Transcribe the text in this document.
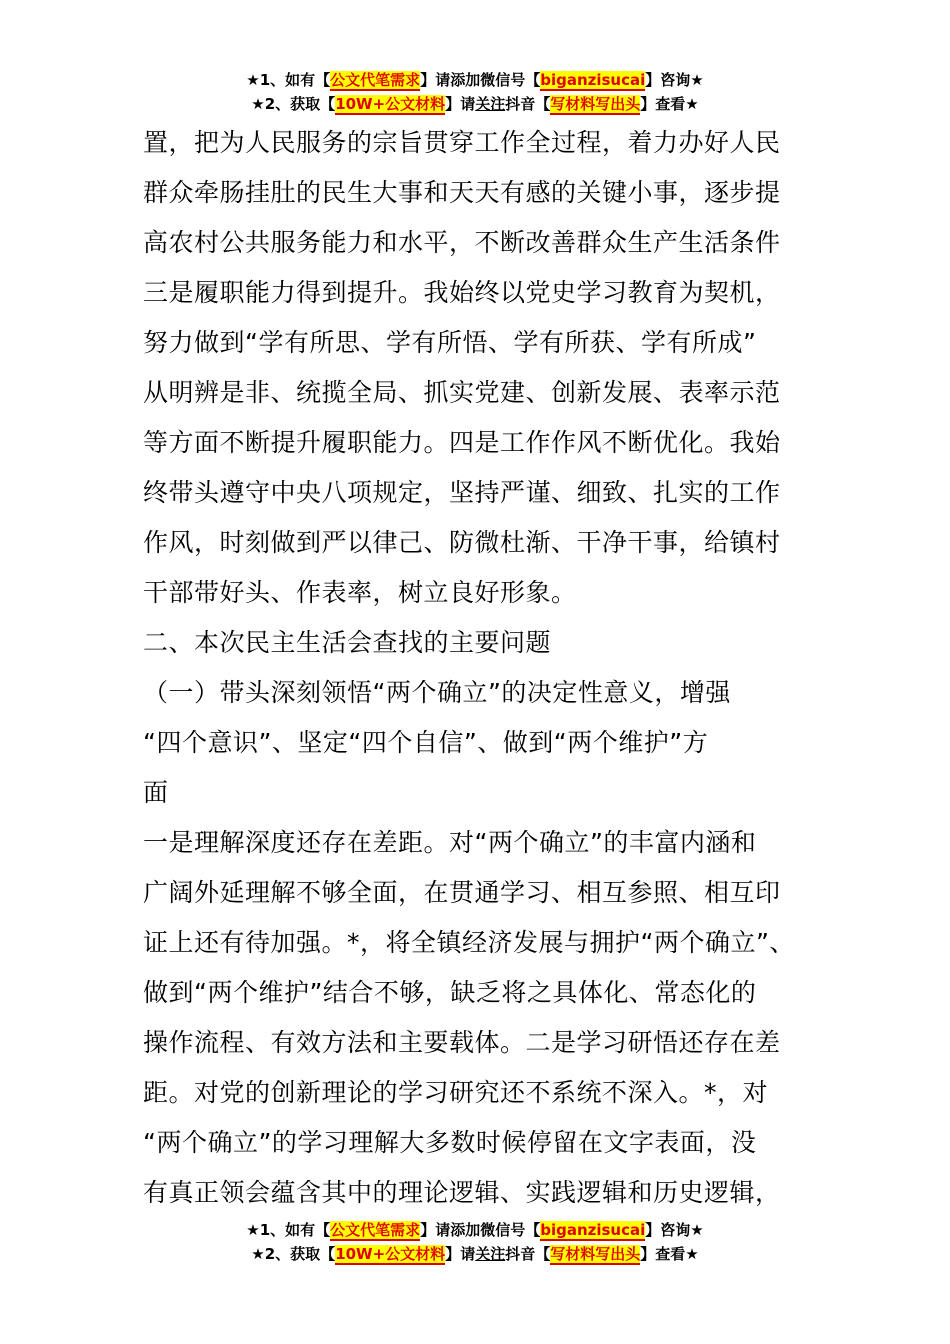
★1、如有【公文代笔需求】请添加微信号【biganzisucai】咨询★
★2、获取【10W+公文材料】请关注抖音【写材料写出头】查看★

置，把为人民服务的宗旨贯穿工作全过程，着力办好人民

群众牵肠挂肚的民生大事和天天有感的关键小事，逐步提

高农村公共服务能力和水平，不断改善群众生产生活条件

三是履职能力得到提升。我始终以党史学习教育为契机，

努力做到“学有所思、学有所悟、学有所获、学有所成”

从明辨是非、统揽全局、抓实党建、创新发展、表率示范

等方面不断提升履职能力。四是工作作风不断优化。我始

终带头遵守中央八项规定，坚持严谨、细致、扎实的工作

作风，时刻做到严以律己、防微杜渐、干净干事，给镇村

干部带好头、作表率，树立良好形象。

二、本次民主生活会查找的主要问题

（一）带头深刻领悟“两个确立”的决定性意义，增强

“四个意识”、坚定“四个自信”、做到“两个维护”方

面

一是理解深度还存在差距。对“两个确立”的丰富内涵和

广阔外延理解不够全面，在贯通学习、相互参照、相互印

证上还有待加强。*，将全镇经济发展与拥护“两个确立”、

做到“两个维护”结合不够，缺乏将之具体化、常态化的

操作流程、有效方法和主要载体。二是学习研悟还存在差

距。对党的创新理论的学习研究还不系统不深入。*，对

“两个确立”的学习理解大多数时候停留在文字表面，没

有真正领会蕴含其中的理论逻辑、实践逻辑和历史逻辑，

★1、如有【公文代笔需求】请添加微信号【biganzisucai】咨询★
★2、获取【10W+公文材料】请关注抖音【写材料写出头】查看★
